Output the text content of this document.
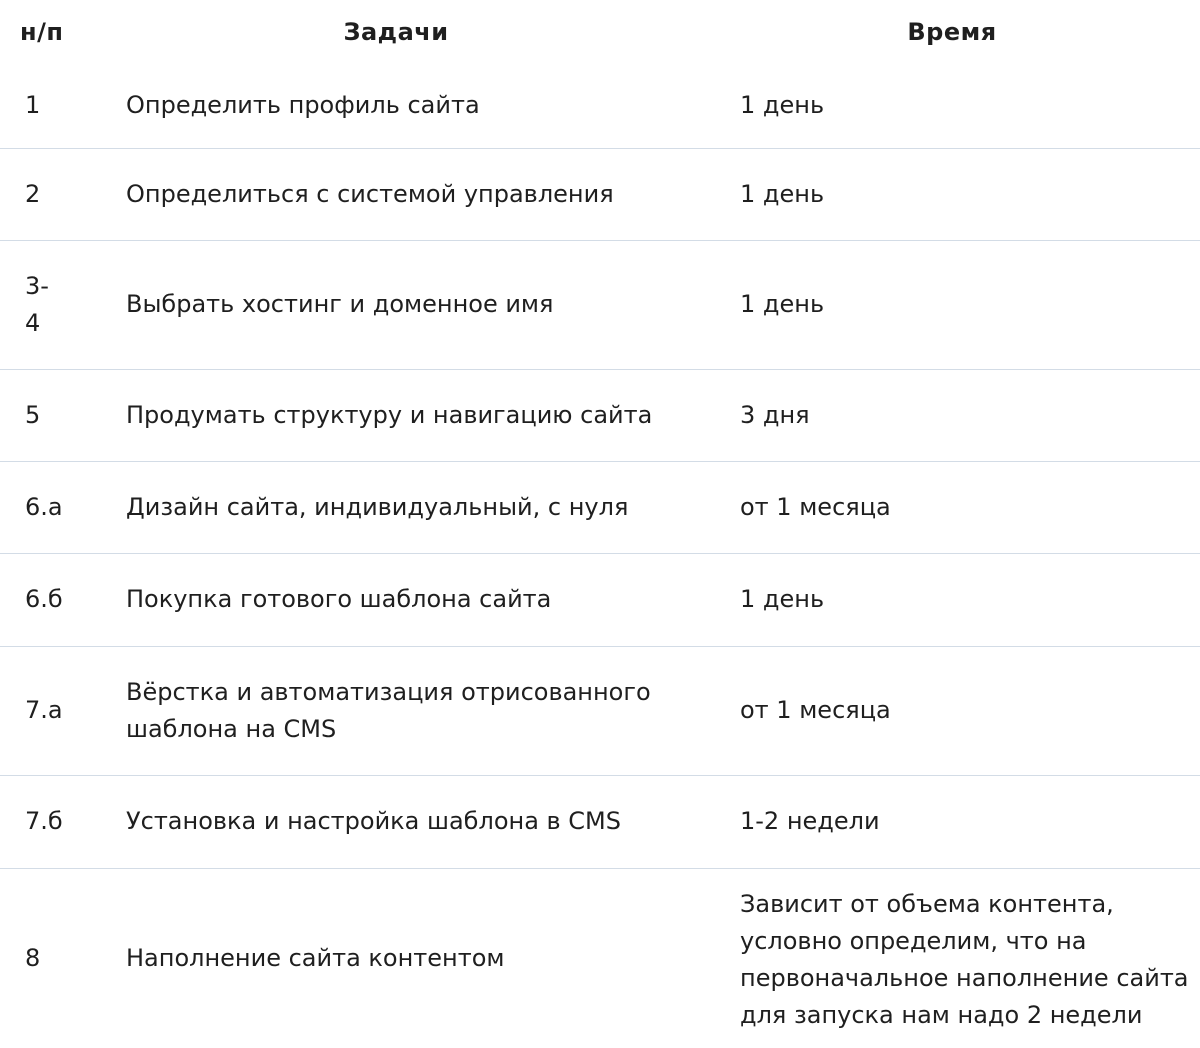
н/п	Задачи	Время
1	Определить профиль сайта	1 день
2	Определиться с системой управления	1 день
3-4	Выбрать хостинг и доменное имя	1 день
5	Продумать структуру и навигацию сайта	3 дня
6.а	Дизайн сайта, индивидуальный, с нуля	от 1 месяца
6.б	Покупка готового шаблона сайта	1 день
7.а	Вёрстка и автоматизация отрисованного шаблона на CMS	от 1 месяца
7.б	Установка и настройка шаблона в CMS	1-2 недели
8	Наполнение сайта контентом	Зависит от объема контента, условно определим, что на первоначальное наполнение сайта для запуска нам надо 2 недели
